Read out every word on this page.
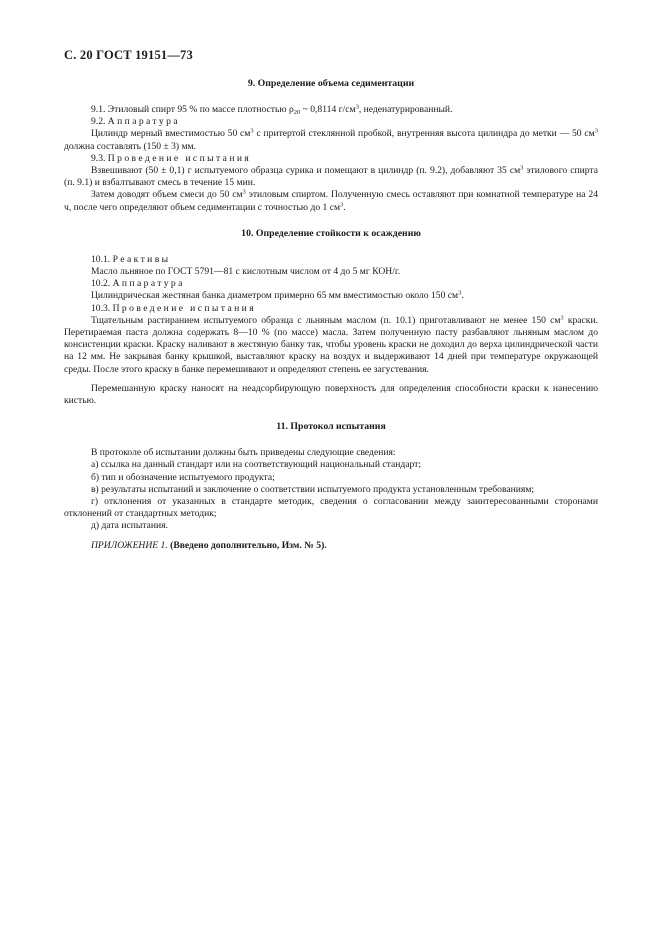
С. 20 ГОСТ 19151—73
9. Определение объема седиментации

9.1. Этиловый спирт 95 % по массе плотностью $\rho_{20}$ ~ 0,8114 $г/см^3$, неденатурированный.

9.2. Аппаратура

Цилиндр мерный вместимостью 50 $см^3$ с притертой стеклянной пробкой, внутренняя высота цилиндра до метки — 50 $см^3$ должна составлять (150 ± 3) мм.

9.3. Проведение испытания

Взвешивают (50 ± 0,1) г испытуемого образца сурика и помещают в цилиндр (п. 9.2), добавляют 35 $см^3$ этилового спирта (п. 9.1) и взбалтывают смесь в течение 15 мин.

Затем доводят объем смеси до 50 $см^3$ этиловым спиртом. Полученную смесь оставляют при комнатной температуре на 24 ч, после чего определяют объем седиментации с точностью до 1 $см^3$.

10. Определение стойкости к осаждению

10.1. Реактивы

Масло льняное по ГОСТ 5791—81 с кислотным числом от 4 до 5 мг КОН/г.

10.2. Аппаратура

Цилиндрическая жестяная банка диаметром примерно 65 мм вместимостью около 150 $см^3$.

10.3. Проведение испытания

Тщательным растиранием испытуемого образца с льняным маслом (п. 10.1) приготавливают не менее 150 $см^3$ краски. Перетираемая паста должна содержать 8—10 % (по массе) масла. Затем полученную пасту разбавляют льняным маслом до консистенции краски. Краску наливают в жестяную банку так, чтобы уровень краски не доходил до верха цилиндрической части на 12 мм. Не закрывая банку крышкой, выставляют краску на воздух и выдерживают 14 дней при температуре окружающей среды. После этого краску в банке перемешивают и определяют степень ее загустевания.

Перемешанную краску наносят на неадсорбирующую поверхность для определения способности краски к нанесению кистью.

11. Протокол испытания

В протоколе об испытании должны быть приведены следующие сведения:

а) ссылка на данный стандарт или на соответствующий национальный стандарт;

б) тип и обозначение испытуемого продукта;

в) результаты испытаний и заключение о соответствии испытуемого продукта установленным требованиям;

г) отклонения от указанных в стандарте методик, сведения о согласовании между заинтересованными сторонами отклонений от стандартных методик;

д) дата испытания.

ПРИЛОЖЕНИЕ 1. (Введено дополнительно, Изм. № 5).
